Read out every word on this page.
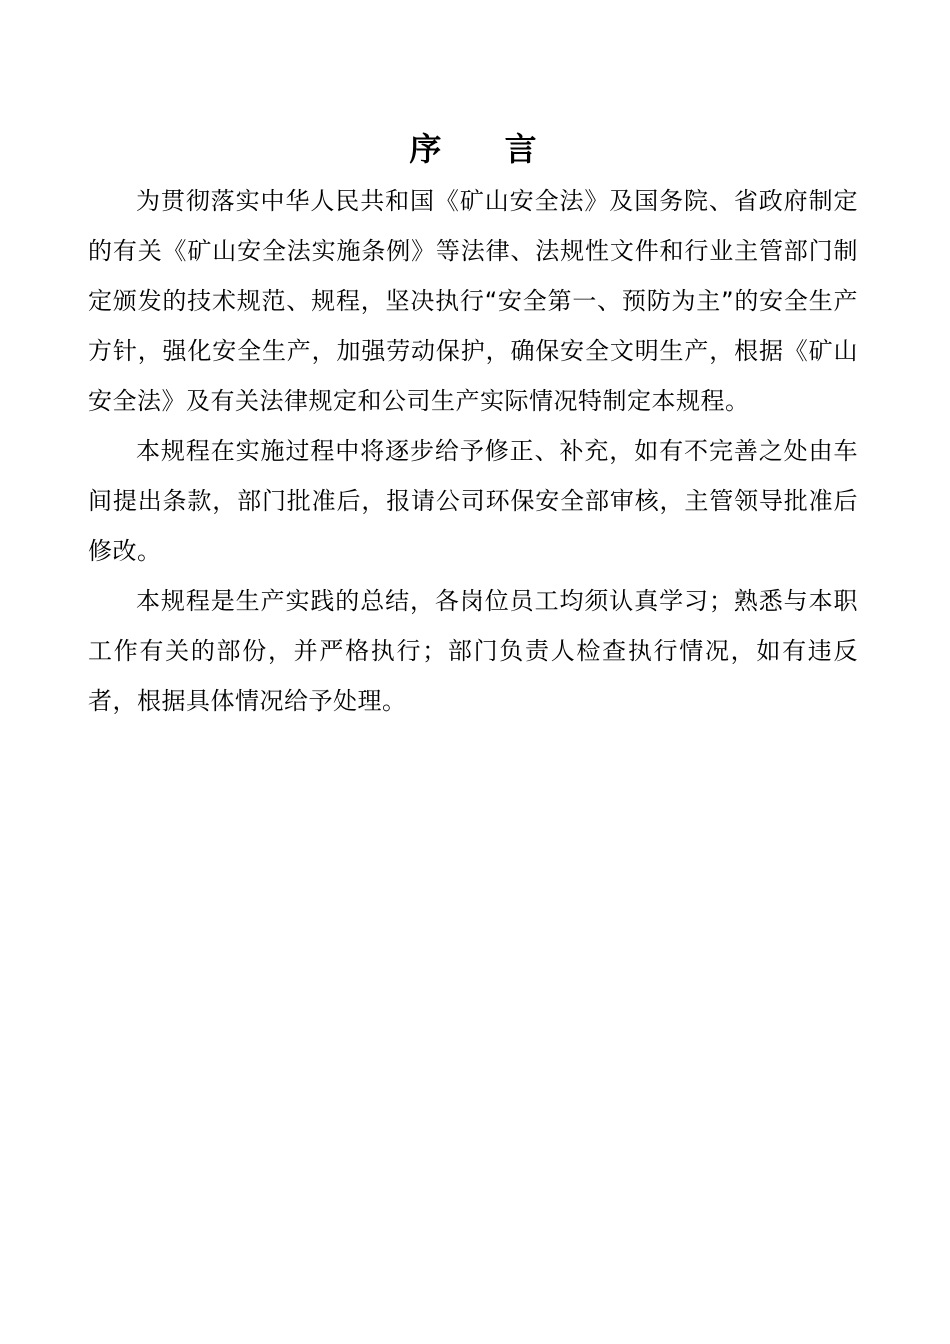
序 言

为贯彻落实中华人民共和国《矿山安全法》及国务院、省政府制定的有关《矿山安全法实施条例》等法律、法规性文件和行业主管部门制定颁发的技术规范、规程，坚决执行“安全第一、预防为主”的安全生产方针，强化安全生产，加强劳动保护，确保安全文明生产，根据《矿山安全法》及有关法律规定和公司生产实际情况特制定本规程。

本规程在实施过程中将逐步给予修正、补充，如有不完善之处由车间提出条款，部门批准后，报请公司环保安全部审核，主管领导批准后修改。

本规程是生产实践的总结，各岗位员工均须认真学习；熟悉与本职工作有关的部份，并严格执行；部门负责人检查执行情况，如有违反者，根据具体情况给予处理。
